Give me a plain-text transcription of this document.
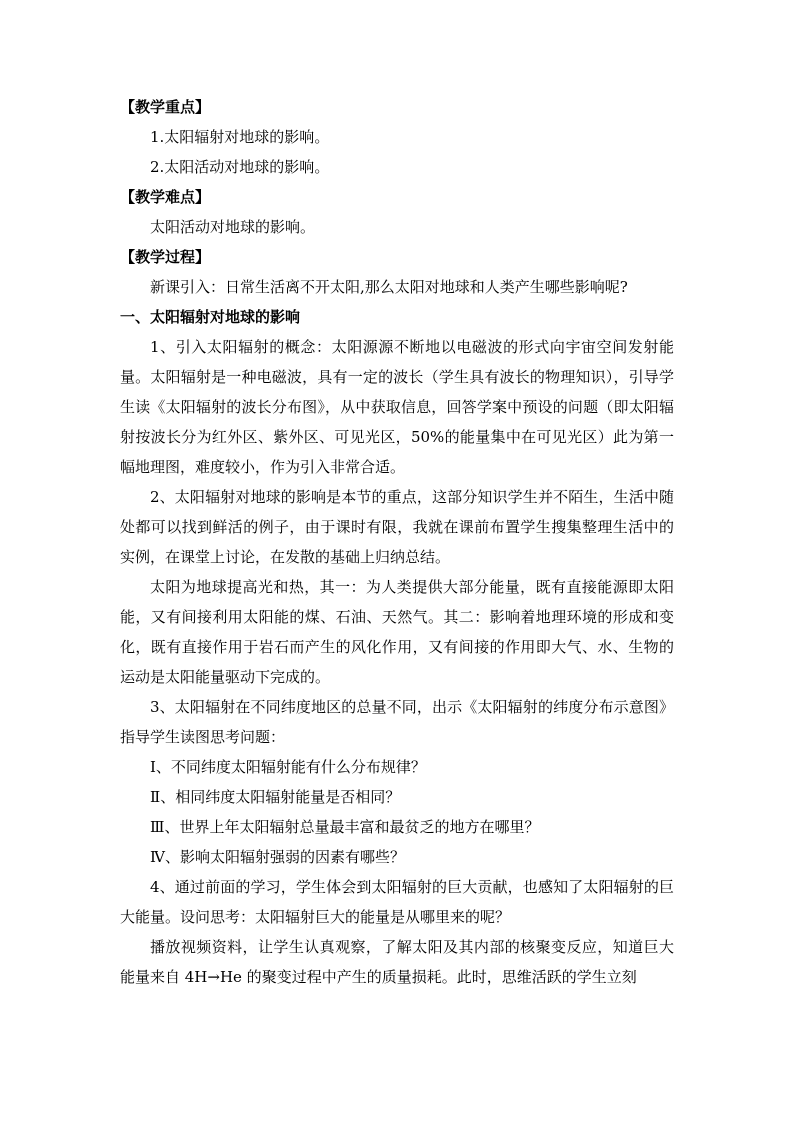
【教学重点】
1.太阳辐射对地球的影响。
2.太阳活动对地球的影响。
【教学难点】
太阳活动对地球的影响。
【教学过程】

新课引入：日常生活离不开太阳,那么太阳对地球和人类产生哪些影响呢?

一、太阳辐射对地球的影响

1、引入太阳辐射的概念：太阳源源不断地以电磁波的形式向宇宙空间发射能量。太阳辐射是一种电磁波，具有一定的波长（学生具有波长的物理知识），引导学生读《太阳辐射的波长分布图》，从中获取信息，回答学案中预设的问题（即太阳辐射按波长分为红外区、紫外区、可见光区，50%的能量集中在可见光区）此为第一幅地理图，难度较小，作为引入非常合适。

2、太阳辐射对地球的影响是本节的重点，这部分知识学生并不陌生，生活中随处都可以找到鲜活的例子，由于课时有限，我就在课前布置学生搜集整理生活中的实例，在课堂上讨论，在发散的基础上归纳总结。

太阳为地球提高光和热，其一：为人类提供大部分能量，既有直接能源即太阳能，又有间接利用太阳能的煤、石油、天然气。其二：影响着地理环境的形成和变化，既有直接作用于岩石而产生的风化作用，又有间接的作用即大气、水、生物的运动是太阳能量驱动下完成的。

3、太阳辐射在不同纬度地区的总量不同，出示《太阳辐射的纬度分布示意图》指导学生读图思考问题：

Ⅰ、不同纬度太阳辐射能有什么分布规律？
Ⅱ、相同纬度太阳辐射能量是否相同？
Ⅲ、世界上年太阳辐射总量最丰富和最贫乏的地方在哪里？
Ⅳ、影响太阳辐射强弱的因素有哪些？

4、通过前面的学习，学生体会到太阳辐射的巨大贡献，也感知了太阳辐射的巨大能量。设问思考：太阳辐射巨大的能量是从哪里来的呢？

播放视频资料，让学生认真观察，了解太阳及其内部的核聚变反应，知道巨大能量来自 4H→He 的聚变过程中产生的质量损耗。此时，思维活跃的学生立刻
